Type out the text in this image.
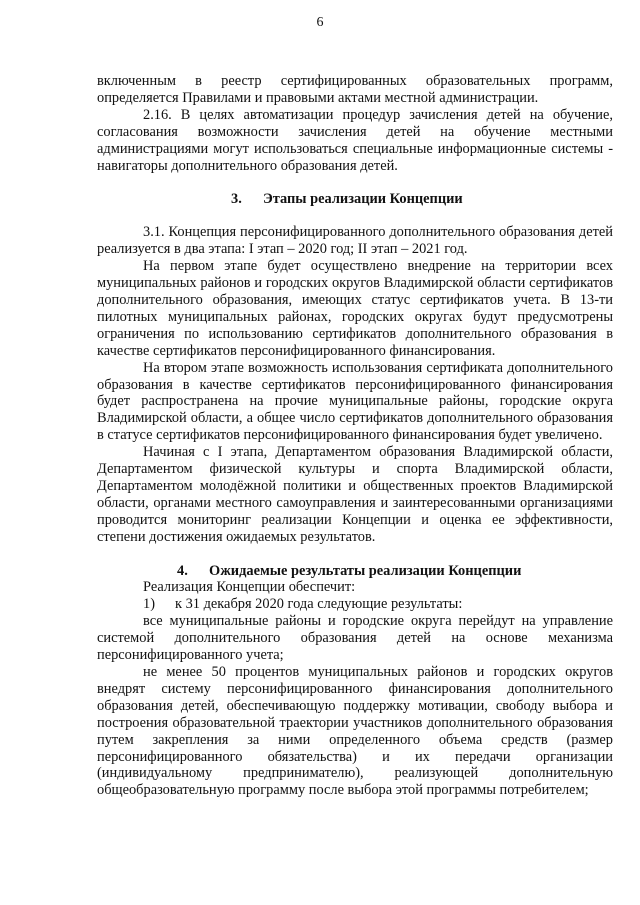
6

включенным в реестр сертифицированных образовательных программ, определяется Правилами и правовыми актами местной администрации.

2.16. В целях автоматизации процедур зачисления детей на обучение, согласования возможности зачисления детей на обучение местными администрациями могут использоваться специальные информационные системы - навигаторы дополнительного образования детей.

3. Этапы реализации Концепции

3.1. Концепция персонифицированного дополнительного образования детей реализуется в два этапа: I этап – 2020 год; II этап – 2021 год.

На первом этапе будет осуществлено внедрение на территории всех муниципальных районов и городских округов Владимирской области сертификатов дополнительного образования, имеющих статус сертификатов учета. В 13-ти пилотных муниципальных районах, городских округах будут предусмотрены ограничения по использованию сертификатов дополнительного образования в качестве сертификатов персонифицированного финансирования.

На втором этапе возможность использования сертификата дополнительного образования в качестве сертификатов персонифицированного финансирования будет распространена на прочие муниципальные районы, городские округа Владимирской области, а общее число сертификатов дополнительного образования в статусе сертификатов персонифицированного финансирования будет увеличено.

Начиная с I этапа, Департаментом образования Владимирской области, Департаментом физической культуры и спорта Владимирской области, Департаментом молодёжной политики и общественных проектов Владимирской области, органами местного самоуправления и заинтересованными организациями проводится мониторинг реализации Концепции и оценка ее эффективности, степени достижения ожидаемых результатов.

4. Ожидаемые результаты реализации Концепции

Реализация Концепции обеспечит:

1) к 31 декабря 2020 года следующие результаты:

все муниципальные районы и городские округа перейдут на управление системой дополнительного образования детей на основе механизма персонифицированного учета;

не менее 50 процентов муниципальных районов и городских округов внедрят систему персонифицированного финансирования дополнительного образования детей, обеспечивающую поддержку мотивации, свободу выбора и построения образовательной траектории участников дополнительного образования путем закрепления за ними определенного объема средств (размер персонифицированного обязательства) и их передачи организации (индивидуальному предпринимателю), реализующей дополнительную общеобразовательную программу после выбора этой программы потребителем;
